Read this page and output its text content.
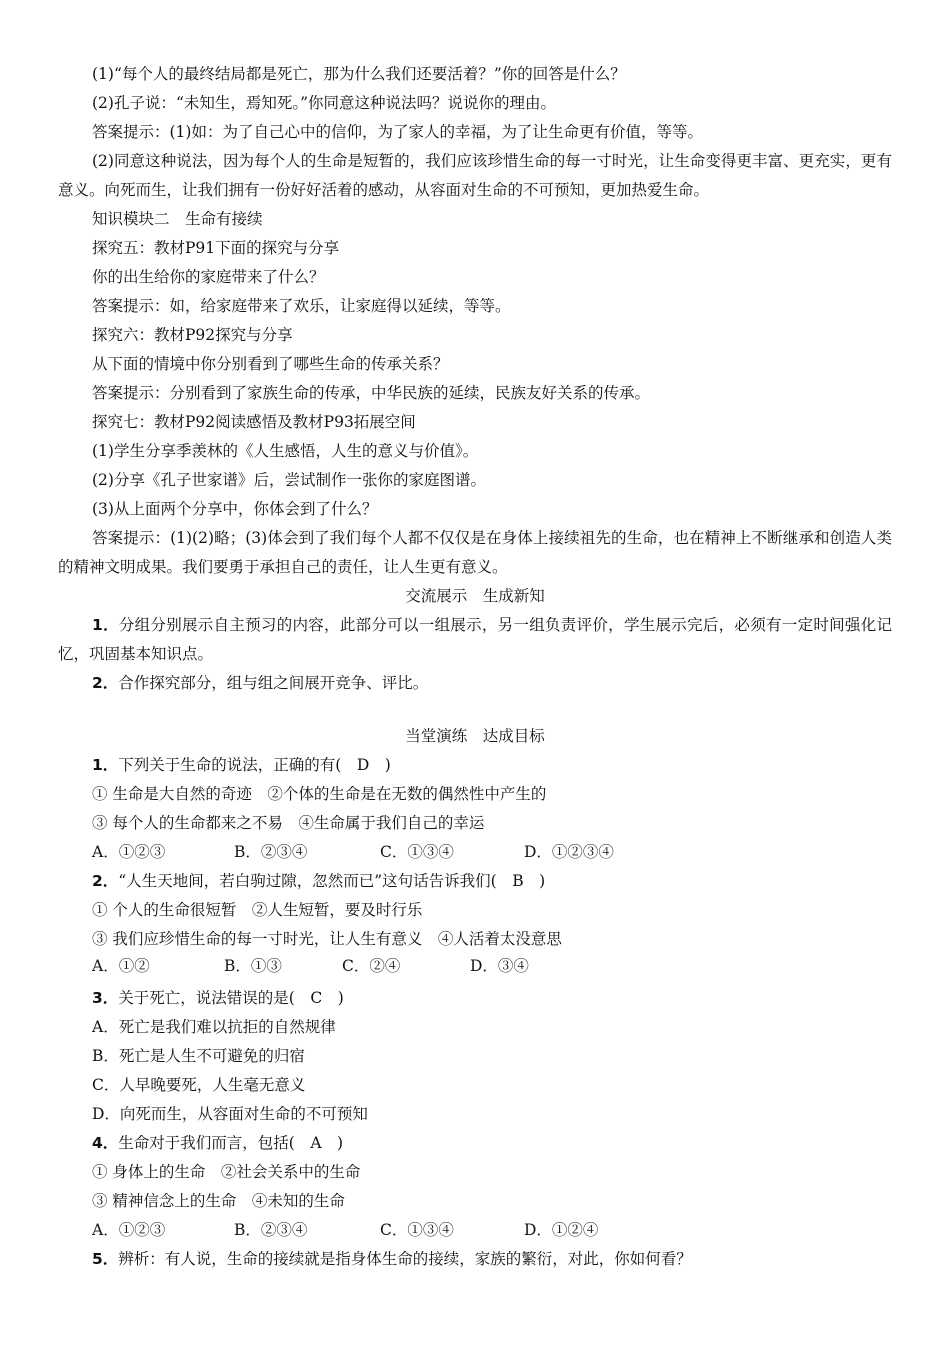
(1)“每个人的最终结局都是死亡，那为什么我们还要活着？”你的回答是什么？

(2)孔子说：“未知生，焉知死。”你同意这种说法吗？说说你的理由。

答案提示：(1)如：为了自己心中的信仰，为了家人的幸福，为了让生命更有价值，等等。

(2)同意这种说法，因为每个人的生命是短暂的，我们应该珍惜生命的每一寸时光，让生命变得更丰富、更充实，更有意义。向死而生，让我们拥有一份好好活着的感动，从容面对生命的不可预知，更加热爱生命。

知识模块二　生命有接续

探究五：教材P91下面的探究与分享

你的出生给你的家庭带来了什么？

答案提示：如，给家庭带来了欢乐，让家庭得以延续，等等。

探究六：教材P92探究与分享

从下面的情境中你分别看到了哪些生命的传承关系？

答案提示：分别看到了家族生命的传承，中华民族的延续，民族友好关系的传承。

探究七：教材P92阅读感悟及教材P93拓展空间

(1)学生分享季羡林的《人生感悟，人生的意义与价值》。

(2)分享《孔子世家谱》后，尝试制作一张你的家庭图谱。

(3)从上面两个分享中，你体会到了什么？

答案提示：(1)(2)略；(3)体会到了我们每个人都不仅仅是在身体上接续祖先的生命，也在精神上不断继承和创造人类的精神文明成果。我们要勇于承担自己的责任，让人生更有意义。

交流展示　生成新知

1．分组分别展示自主预习的内容，此部分可以一组展示，另一组负责评价，学生展示完后，必须有一定时间强化记忆，巩固基本知识点。

2．合作探究部分，组与组之间展开竞争、评比。

当堂演练　达成目标

1．下列关于生命的说法，正确的有(　D　)

① 生命是大自然的奇迹　②个体的生命是在无数的偶然性中产生的

③ 每个人的生命都来之不易　④生命属于我们自己的幸运

A．①②③	B．②③④	C．①③④	D．①②③④

2．“人生天地间，若白驹过隙，忽然而已”这句话告诉我们(　B　)

① 个人的生命很短暂　②人生短暂，要及时行乐

③ 我们应珍惜生命的每一寸时光，让人生有意义　④人活着太没意思

A．①②	B．①③	C．②④	D．③④

3．关于死亡，说法错误的是(　C　)

A．死亡是我们难以抗拒的自然规律

B．死亡是人生不可避免的归宿

C．人早晚要死，人生毫无意义

D．向死而生，从容面对生命的不可预知

4．生命对于我们而言，包括(　A　)

① 身体上的生命　②社会关系中的生命

③ 精神信念上的生命　④未知的生命

A．①②③	B．②③④	C．①③④	D．①②④

5．辨析：有人说，生命的接续就是指身体生命的接续，家族的繁衍，对此，你如何看？
